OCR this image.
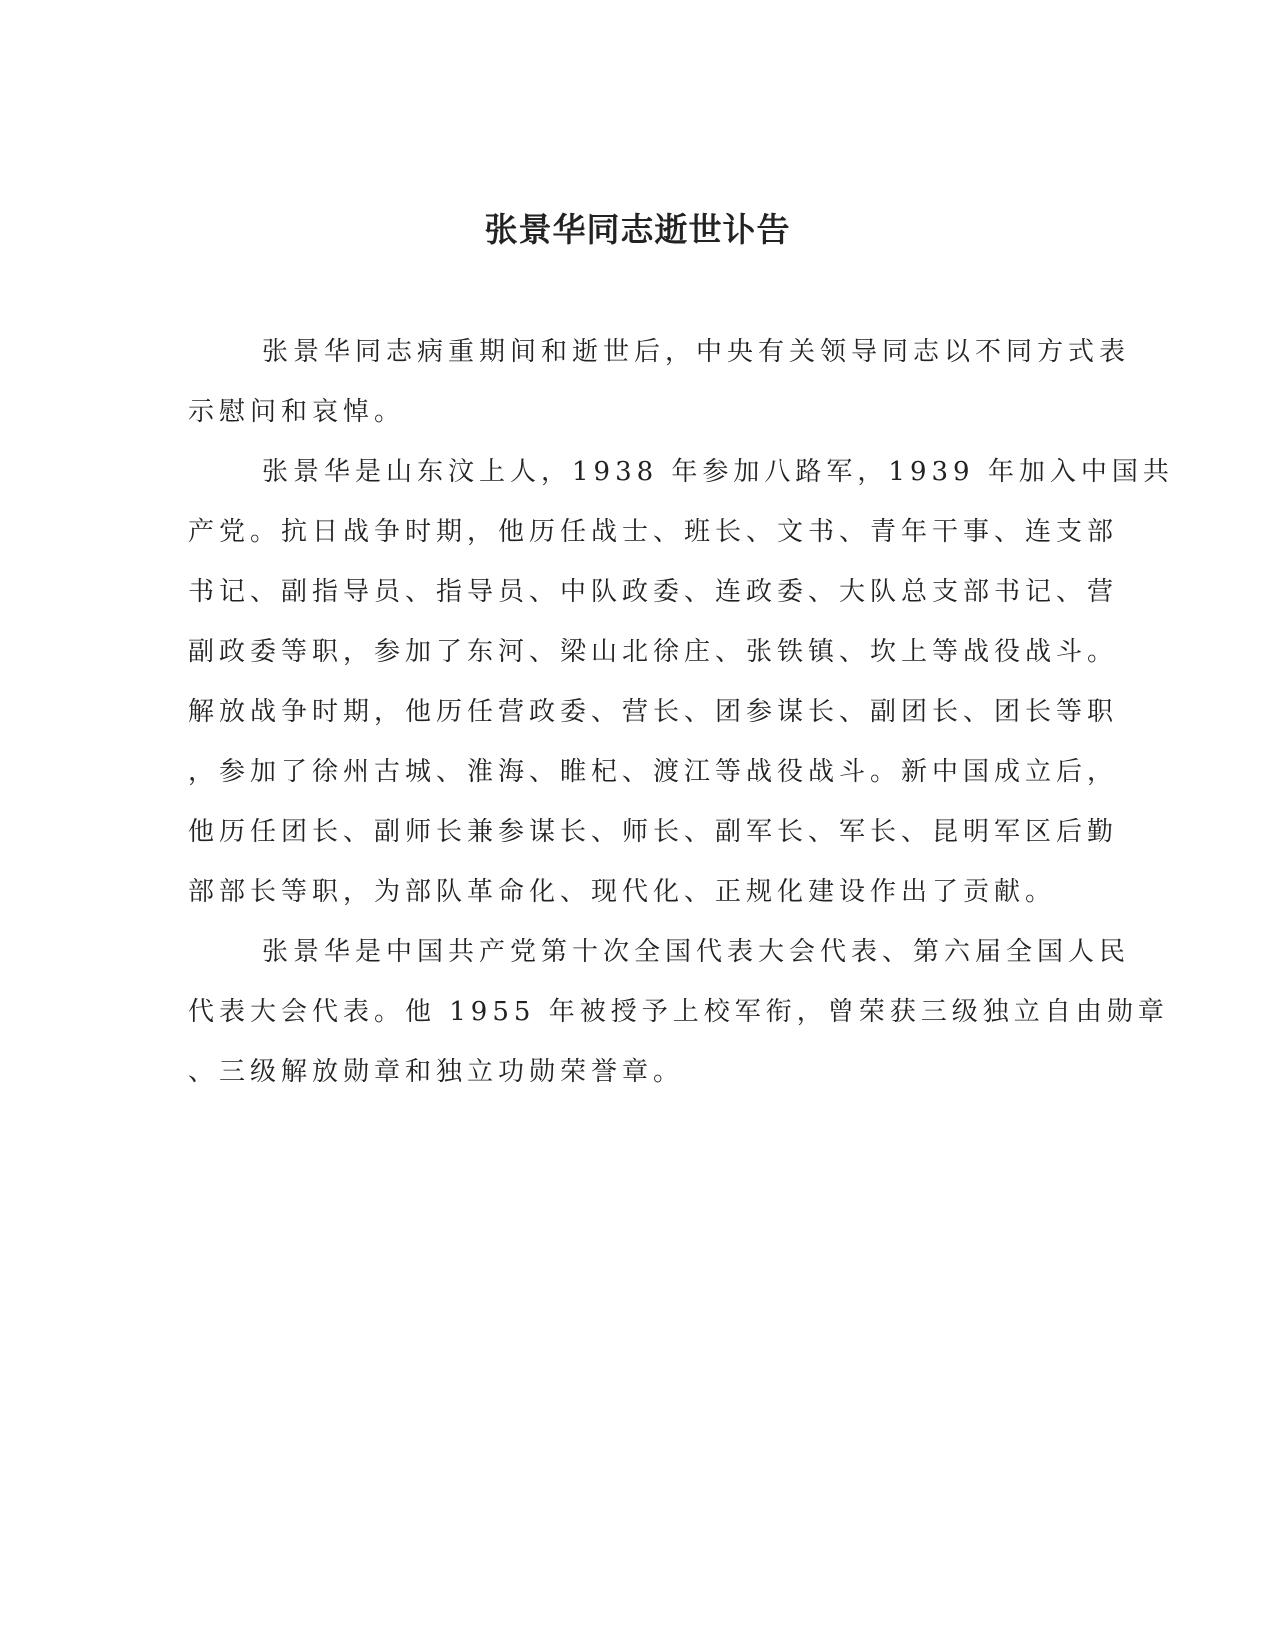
张景华同志逝世讣告

张景华同志病重期间和逝世后，中央有关领导同志以不同方式表
示慰问和哀悼。

张景华是山东汶上人，1938 年参加八路军，1939 年加入中国共
产党。抗日战争时期，他历任战士、班长、文书、青年干事、连支部
书记、副指导员、指导员、中队政委、连政委、大队总支部书记、营
副政委等职，参加了东河、梁山北徐庄、张铁镇、坎上等战役战斗。
解放战争时期，他历任营政委、营长、团参谋长、副团长、团长等职
，参加了徐州古城、淮海、睢杞、渡江等战役战斗。新中国成立后，
他历任团长、副师长兼参谋长、师长、副军长、军长、昆明军区后勤
部部长等职，为部队革命化、现代化、正规化建设作出了贡献。

张景华是中国共产党第十次全国代表大会代表、第六届全国人民
代表大会代表。他 1955 年被授予上校军衔，曾荣获三级独立自由勋章
、三级解放勋章和独立功勋荣誉章。
